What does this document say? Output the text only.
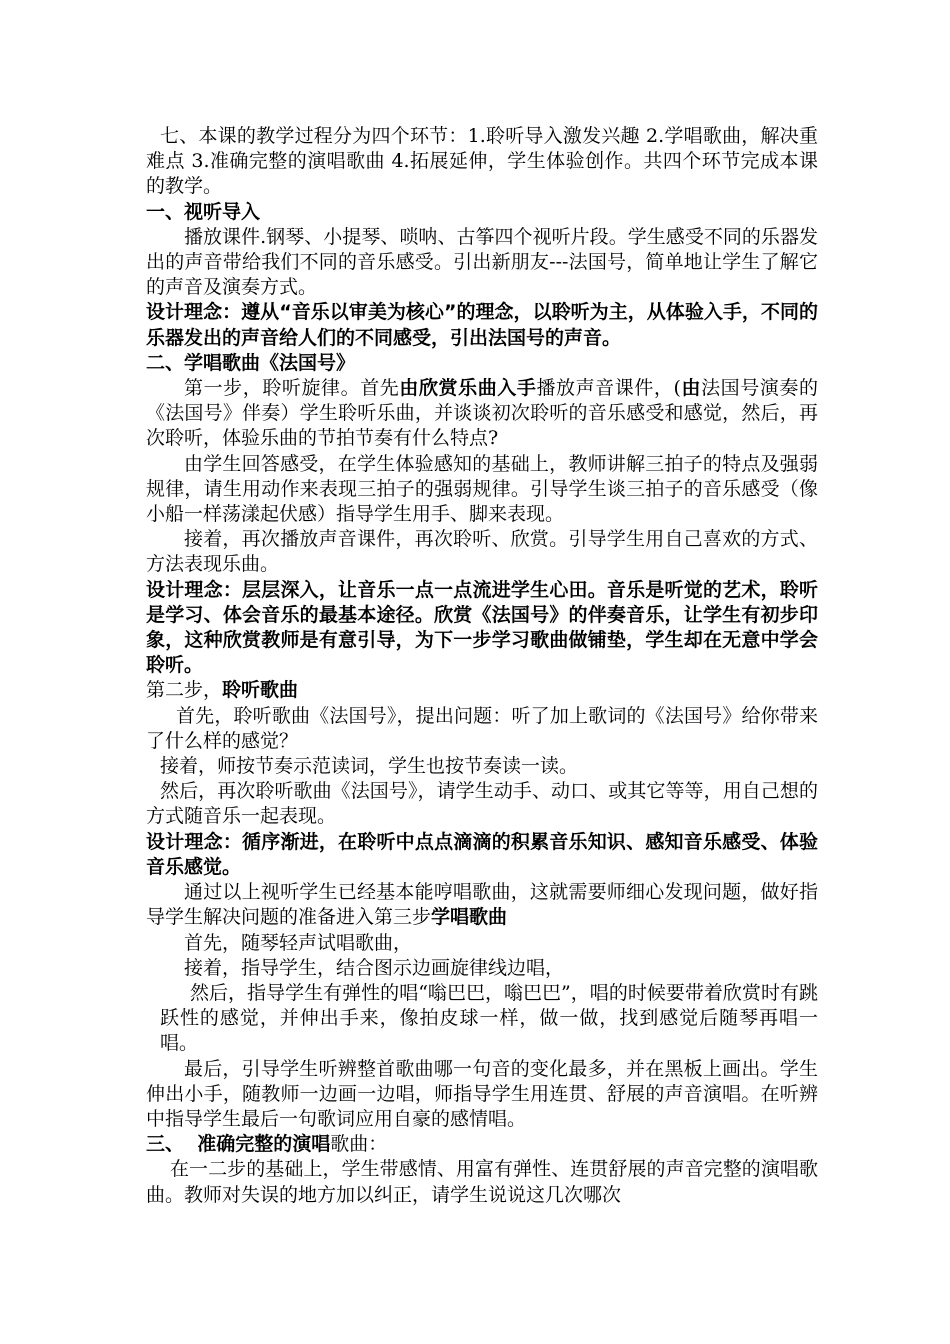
七、本课的教学过程分为四个环节：1.聆听导入激发兴趣 2.学唱歌曲，解决重难点 3.准确完整的演唱歌曲 4.拓展延伸，学生体验创作。共四个环节完成本课的教学。

一、视听导入

播放课件.钢琴、小提琴、唢呐、古筝四个视听片段。学生感受不同的乐器发出的声音带给我们不同的音乐感受。引出新朋友---法国号，简单地让学生了解它的声音及演奏方式。

设计理念：遵从“音乐以审美为核心”的理念，以聆听为主，从体验入手，不同的乐器发出的声音给人们的不同感受，引出法国号的声音。

二、学唱歌曲《法国号》

第一步，聆听旋律。首先由欣赏乐曲入手播放声音课件，(由法国号演奏的《法国号》伴奏）学生聆听乐曲，并谈谈初次聆听的音乐感受和感觉，然后，再次聆听，体验乐曲的节拍节奏有什么特点?

由学生回答感受，在学生体验感知的基础上，教师讲解三拍子的特点及强弱规律，请生用动作来表现三拍子的强弱规律。引导学生谈三拍子的音乐感受（像小船一样荡漾起伏感）指导学生用手、脚来表现。

接着，再次播放声音课件，再次聆听、欣赏。引导学生用自己喜欢的方式、方法表现乐曲。

设计理念：层层深入，让音乐一点一点流进学生心田。音乐是听觉的艺术，聆听是学习、体会音乐的最基本途径。欣赏《法国号》的伴奏音乐，让学生有初步印象，这种欣赏教师是有意引导，为下一步学习歌曲做铺垫，学生却在无意中学会聆听。

第二步，聆听歌曲

首先，聆听歌曲《法国号》，提出问题：听了加上歌词的《法国号》给你带来了什么样的感觉？

接着，师按节奏示范读词，学生也按节奏读一读。

然后，再次聆听歌曲《法国号》，请学生动手、动口、或其它等等，用自己想的方式随音乐一起表现。

设计理念：循序渐进，在聆听中点点滴滴的积累音乐知识、感知音乐感受、体验音乐感觉。

通过以上视听学生已经基本能哼唱歌曲，这就需要师细心发现问题，做好指导学生解决问题的准备进入第三步学唱歌曲

首先，随琴轻声试唱歌曲，

接着，指导学生，结合图示边画旋律线边唱，

然后，指导学生有弹性的唱“嗡巴巴，嗡巴巴”，唱的时候要带着欣赏时有跳跃性的感觉，并伸出手来，像拍皮球一样，做一做，找到感觉后随琴再唱一唱。

最后，引导学生听辨整首歌曲哪一句音的变化最多，并在黑板上画出。学生伸出小手，随教师一边画一边唱，师指导学生用连贯、舒展的声音演唱。在听辨中指导学生最后一句歌词应用自豪的感情唱。

三、  准确完整的演唱歌曲：

在一二步的基础上，学生带感情、用富有弹性、连贯舒展的声音完整的演唱歌曲。教师对失误的地方加以纠正，请学生说说这几次哪次
